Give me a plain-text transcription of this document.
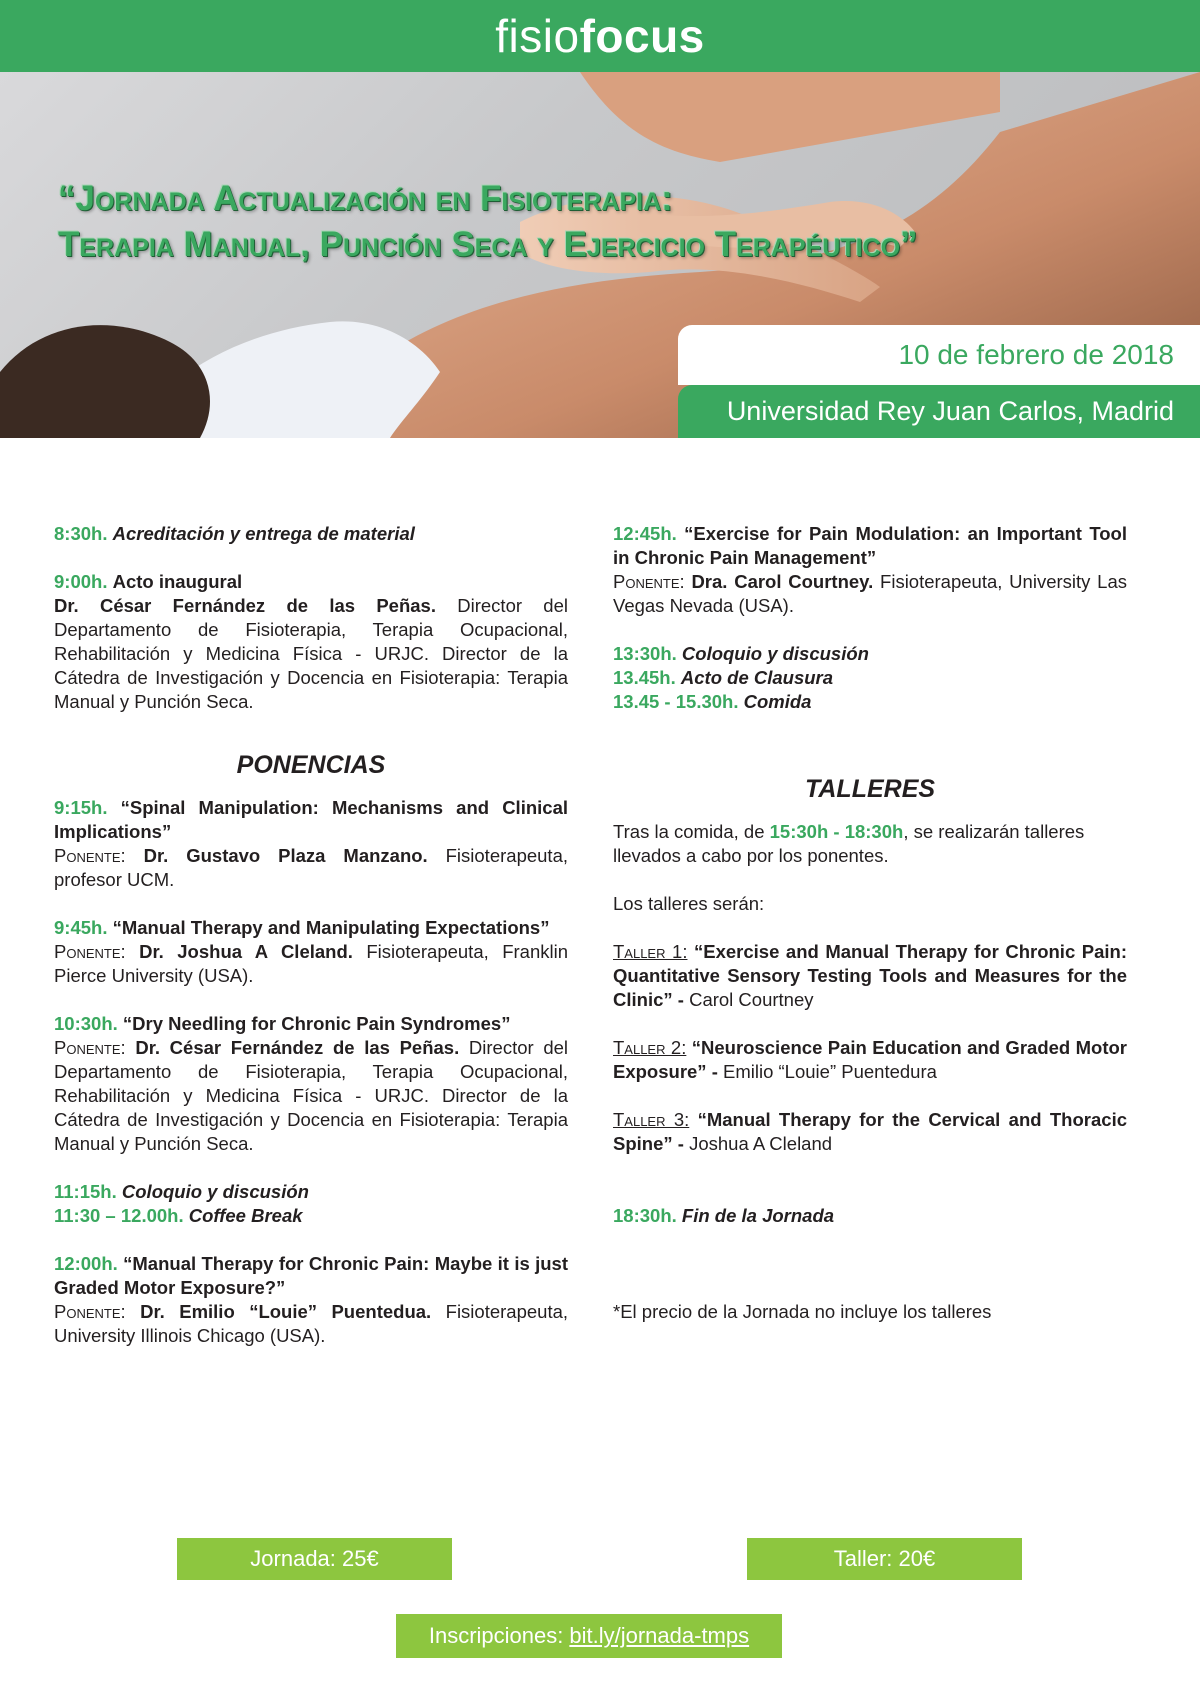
fisiofocus
“Jornada Actualización en Fisioterapia:
Terapia Manual, Punción Seca y Ejercicio Terapéutico”
10 de febrero de 2018
Universidad Rey Juan Carlos, Madrid

8:30h. Acreditación y entrega de material

9:00h. Acto inaugural

Dr. César Fernández de las Peñas. Director del Departamento de Fisioterapia, Terapia Ocupacional, Rehabilitación y Medicina Física - URJC. Director de la Cátedra de Investigación y Docencia en Fisioterapia: Terapia Manual y Punción Seca.

PONENCIAS

9:15h. “Spinal Manipulation: Mechanisms and Clinical Implications”

Ponente: Dr. Gustavo Plaza Manzano. Fisioterapeuta, profesor UCM.

9:45h. “Manual Therapy and Manipulating Expectations”

Ponente: Dr. Joshua A Cleland. Fisioterapeuta, Franklin Pierce University (USA).

10:30h. “Dry Needling for Chronic Pain Syndromes”

Ponente: Dr. César Fernández de las Peñas. Director del Departamento de Fisioterapia, Terapia Ocupacional, Rehabilitación y Medicina Física - URJC. Director de la Cátedra de Investigación y Docencia en Fisioterapia: Terapia Manual y Punción Seca.

11:15h. Coloquio y discusión

11:30 – 12.00h. Coffee Break

12:00h. “Manual Therapy for Chronic Pain: Maybe it is just Graded Motor Exposure?”

Ponente: Dr. Emilio “Louie” Puentedua. Fisioterapeuta, University Illinois Chicago (USA).

12:45h. “Exercise for Pain Modulation: an Important Tool in Chronic Pain Management”

Ponente: Dra. Carol Courtney. Fisioterapeuta, University Las Vegas Nevada (USA).

13:30h. Coloquio y discusión

13.45h. Acto de Clausura

13.45 - 15.30h. Comida

TALLERES

Tras la comida, de 15:30h - 18:30h, se realizarán talleres llevados a cabo por los ponentes.

Los talleres serán:

Taller 1: “Exercise and Manual Therapy for Chronic Pain: Quantitative Sensory Testing Tools and Measures for the Clinic” - Carol Courtney

Taller 2: “Neuroscience Pain Education and Graded Motor Exposure” - Emilio “Louie” Puentedura

Taller 3: “Manual Therapy for the Cervical and Thoracic Spine” - Joshua A Cleland

18:30h. Fin de la Jornada

*El precio de la Jornada no incluye los talleres

Jornada: 25€	Taller: 20€
Inscripciones: bit.ly/jornada-tmps
